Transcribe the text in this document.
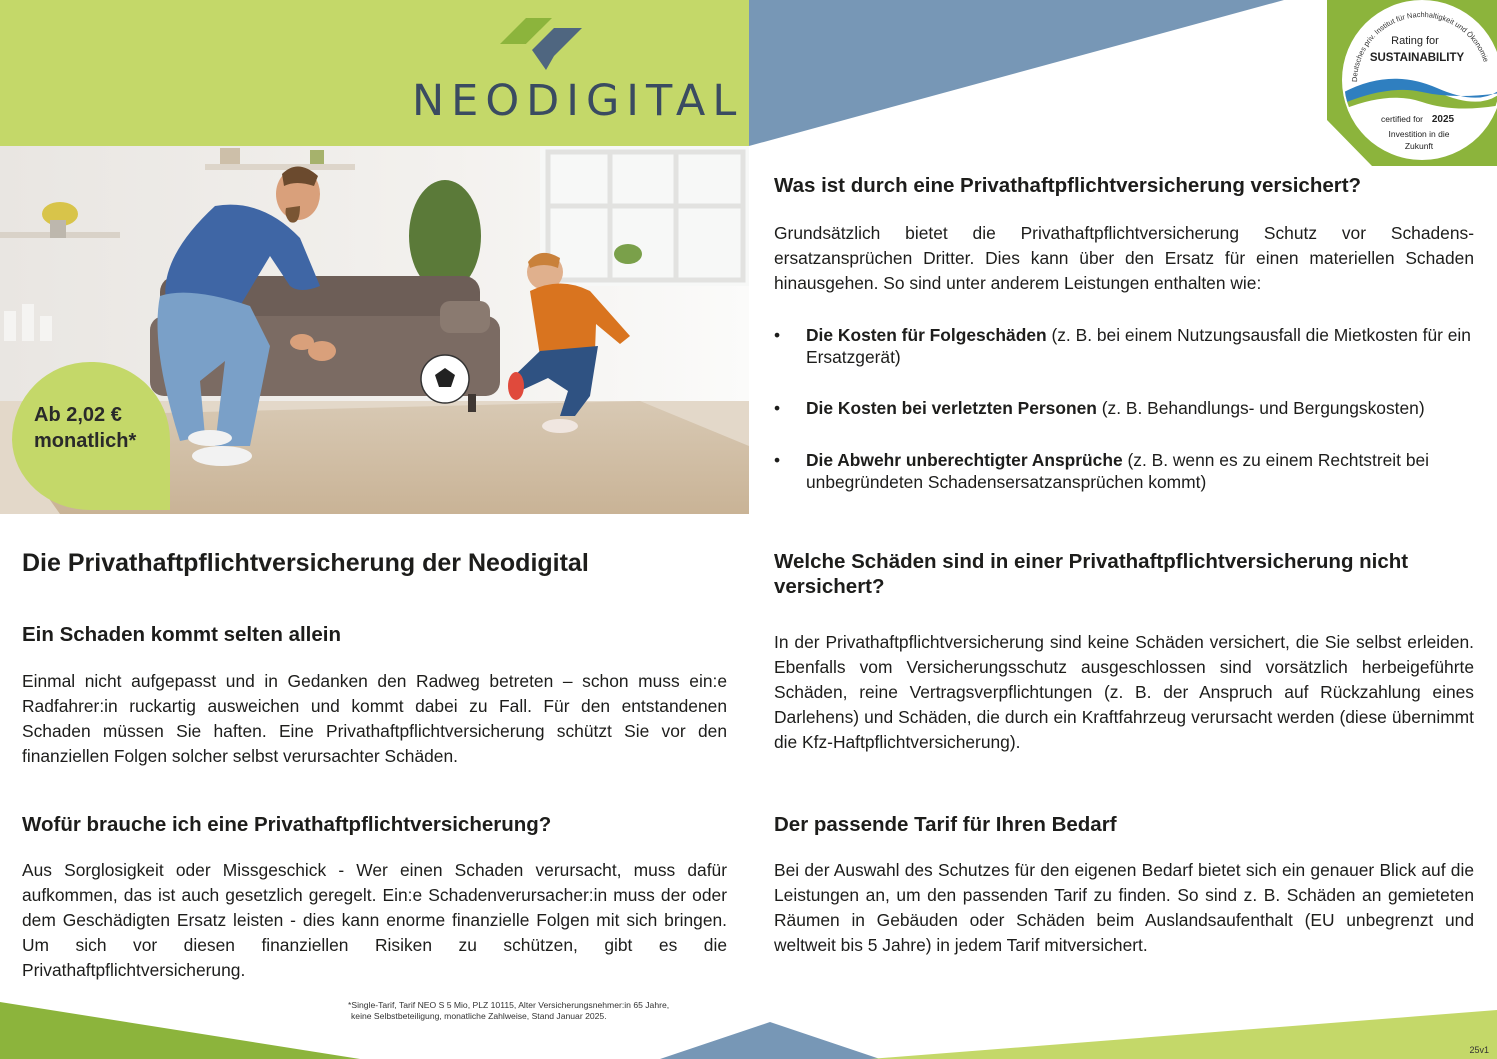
NEODIGITAL	Deutsches priv. Institut für Nachhaltigkeit und Ökonomie
Rating for
SUSTAINABILITY
certified for 2025
Investition in die
Zukunft
Ab 2,02 €
monatlich*
Was ist durch eine Privathaftpflichtversicherung versichert?

Grundsätzlich bietet die Privathaftpflichtversicherung Schutz vor Schadens-ersatzansprüchen Dritter. Dies kann über den Ersatz für einen materiellen Schaden hinausgehen. So sind unter anderem Leistungen enthalten wie:

• Die Kosten für Folgeschäden (z. B. bei einem Nutzungsausfall die Mietkosten für ein Ersatzgerät)
• Die Kosten bei verletzten Personen (z. B. Behandlungs- und Bergungskosten)
• Die Abwehr unberechtigter Ansprüche (z. B. wenn es zu einem Rechtstreit bei unbegründeten Schadensersatzansprüchen kommt)
Die Privathaftpflichtversicherung der Neodigital
Ein Schaden kommt selten allein

Einmal nicht aufgepasst und in Gedanken den Radweg betreten – schon muss ein:e Radfahrer:in ruckartig ausweichen und kommt dabei zu Fall. Für den entstandenen Schaden müssen Sie haften. Eine Privathaftpflichtversicherung schützt Sie vor den finanziellen Folgen solcher selbst verursachter Schäden.

Wofür brauche ich eine Privathaftpflichtversicherung?

Aus Sorglosigkeit oder Missgeschick - Wer einen Schaden verursacht, muss dafür aufkommen, das ist auch gesetzlich geregelt. Ein:e Schadenverursacher:in muss der oder dem Geschädigten Ersatz leisten - dies kann enorme finanzielle Folgen mit sich bringen. Um sich vor diesen finanziellen Risiken zu schützen, gibt es die Privathaftpflichtversicherung.

Welche Schäden sind in einer Privathaftpflichtversicherung nicht versichert?

In der Privathaftpflichtversicherung sind keine Schäden versichert, die Sie selbst erleiden. Ebenfalls vom Versicherungsschutz ausgeschlossen sind vorsätzlich herbeigeführte Schäden, reine Vertragsverpflichtungen (z. B. der Anspruch auf Rückzahlung eines Darlehens) und Schäden, die durch ein Kraftfahrzeug verursacht werden (diese übernimmt die Kfz-Haftpflichtversicherung).

Der passende Tarif für Ihren Bedarf

Bei der Auswahl des Schutzes für den eigenen Bedarf bietet sich ein genauer Blick auf die Leistungen an, um den passenden Tarif zu finden. So sind z. B. Schäden an gemieteten Räumen in Gebäuden oder Schäden beim Auslandsaufenthalt (EU unbegrenzt und weltweit bis 5 Jahre) in jedem Tarif mitversichert.

*Single-Tarif, Tarif NEO S 5 Mio, PLZ 10115, Alter Versicherungsnehmer:in 65 Jahre,
keine Selbstbeteiligung, monatliche Zahlweise, Stand Januar 2025.
25v1
